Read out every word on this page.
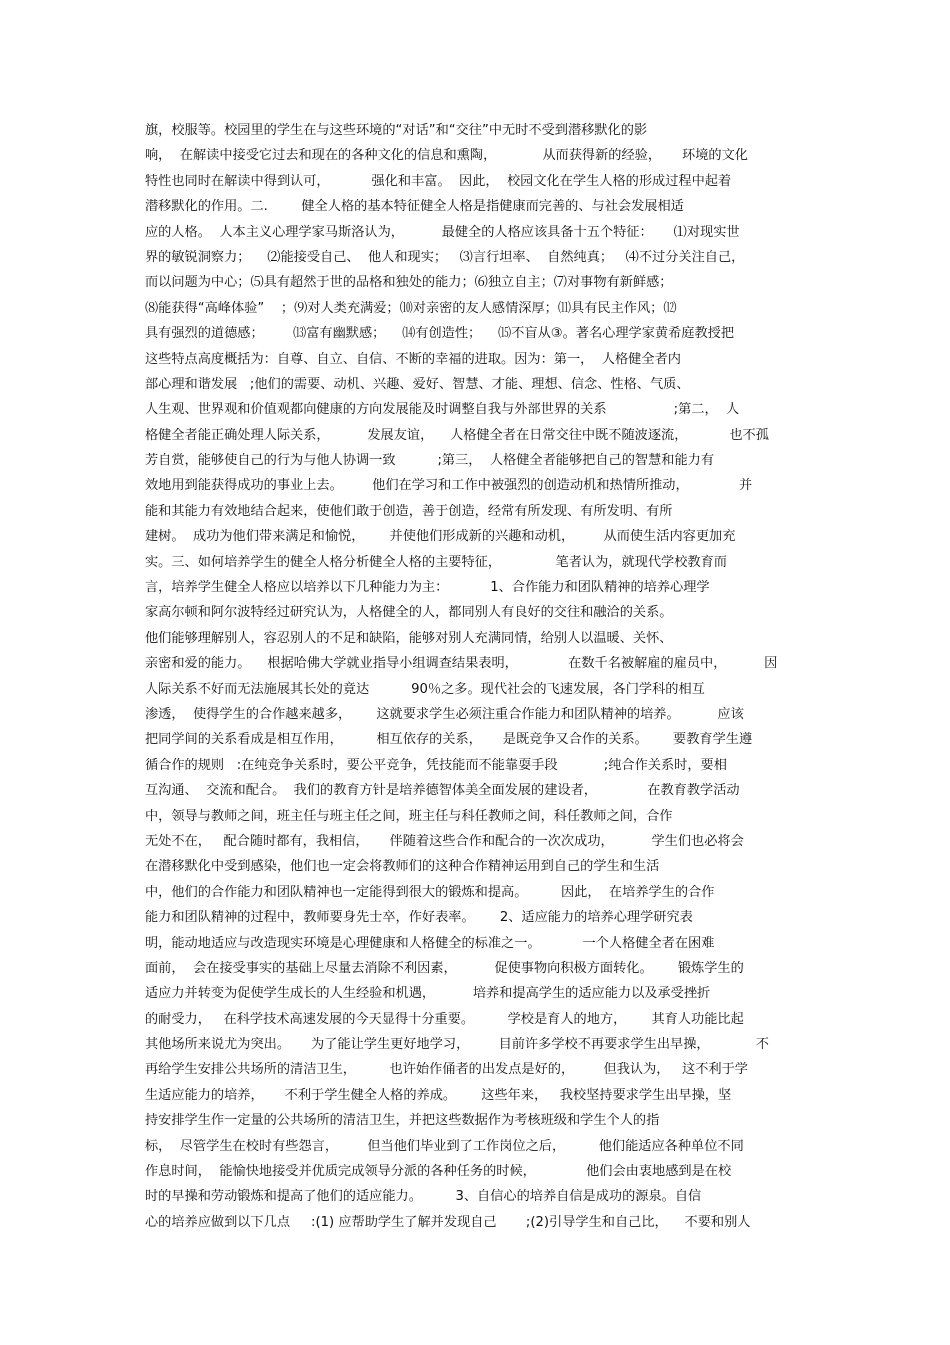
旗，校服等。校园里的学生在与这些环境的“对话”和“交往”中无时不受到潜移默化的影
响，  在解读中接受它过去和现在的各种文化的信息和熏陶，           从而获得新的经验，     环境的文化
特性也同时在解读中得到认可，          强化和丰富。  因此，  校园文化在学生人格的形成过程中起着
潜移默化的作用。二.        健全人格的基本特征健全人格是指健康而完善的、与社会发展相适
应的人格。  人本主义心理学家马斯洛认为，         最健全的人格应该具备十五个特征：     ⑴对现实世
界的敏锐洞察力；    ⑵能接受自己、  他人和现实；   ⑶言行坦率、  自然纯真；   ⑷不过分关注自己，
而以问题为中心；⑸具有超然于世的品格和独处的能力；⑹独立自主；⑺对事物有新鲜感；
⑻能获得“高峰体验”    ；⑼对人类充满爱；⑽对亲密的友人感情深厚；⑾具有民主作风；⑿
具有强烈的道德感；       ⒀富有幽默感；    ⒁有创造性；    ⒂不盲从③。著名心理学家黄希庭教授把
这些特点高度概括为：自尊、自立、自信、不断的幸福的进取。因为：第一，  人格健全者内
部心理和谐发展   ;他们的需要、动机、兴趣、爱好、智慧、才能、理想、信念、性格、气质、
人生观、世界观和价值观都向健康的方向发展能及时调整自我与外部世界的关系                ;第二，  人
格健全者能正确处理人际关系，         发展友谊，    人格健全者在日常交往中既不随波逐流，          也不孤
芳自赏，能够使自己的行为与他人协调一致          ;第三，  人格健全者能够把自己的智慧和能力有
效地用到能获得成功的事业上去。       他们在学习和工作中被强烈的创造动机和热情所推动，            并
能和其能力有效地结合起来，使他们敢于创造，善于创造，经常有所发现、有所发明、有所
建树。  成功为他们带来满足和愉悦，      并使他们形成新的兴趣和动机，       从而使生活内容更加充
实。三、如何培养学生的健全人格分析健全人格的主要特征，             笔者认为，就现代学校教育而
言，培养学生健全人格应以培养以下几种能力为主：          1、合作能力和团队精神的培养心理学
家高尔顿和阿尔波特经过研究认为，人格健全的人，都同别人有良好的交往和融洽的关系。
他们能够理解别人，容忍别人的不足和缺陷，能够对别人充满同情，给别人以温暖、关怀、
亲密和爱的能力。    根据哈佛大学就业指导小组调查结果表明，            在数千名被解雇的雇员中，         因
人际关系不好而无法施展其长处的竟达          90％之多。现代社会的飞速发展，各门学科的相互
渗透，  使得学生的合作越来越多，      这就要求学生必须注重合作能力和团队精神的培养。         应该
把同学间的关系看成是相互作用，        相互依存的关系，     是既竞争又合作的关系。      要教育学生遵
循合作的规则   :在纯竞争关系时，要公平竞争，凭技能而不能靠耍手段           ;纯合作关系时，要相
互沟通、  交流和配合。  我们的教育方针是培养德智体美全面发展的建设者，            在教育教学活动
中，领导与教师之间，班主任与班主任之间，班主任与科任教师之间，科任教师之间，合作
无处不在，   配合随时都有，我相信，     伴随着这些合作和配合的一次次成功，         学生们也必将会
在潜移默化中受到感染，他们也一定会将教师们的这种合作精神运用到自己的学生和生活
中，他们的合作能力和团队精神也一定能得到很大的锻炼和提高。        因此，  在培养学生的合作
能力和团队精神的过程中，教师要身先士卒，作好表率。      2、适应能力的培养心理学研究表
明，能动地适应与改造现实环境是心理健康和人格健全的标准之一。          一个人格健全者在困难
面前，  会在接受事实的基础上尽量去消除不利因素，         促使事物向积极方面转化。      锻炼学生的
适应力并转变为促使学生成长的人生经验和机遇，         培养和提高学生的适应能力以及承受挫折
的耐受力，   在科学技术高速发展的今天显得十分重要。        学校是育人的地方，      其育人功能比起
其他场所来说尤为突出。     为了能让学生更好地学习，       目前许多学校不再要求学生出早操，           不
再给学生安排公共场所的清洁卫生，        也许始作俑者的出发点是好的，       但我认为，   这不利于学
生适应能力的培养，     不利于学生健全人格的养成。      这些年来，   我校坚持要求学生出早操，坚
持安排学生作一定量的公共场所的清洁卫生，并把这些数据作为考核班级和学生个人的指
标，  尽管学生在校时有些怨言，       但当他们毕业到了工作岗位之后，        他们能适应各种单位不同
作息时间，  能愉快地接受并优质完成领导分派的各种任务的时候，            他们会由衷地感到是在校
时的早操和劳动锻炼和提高了他们的适应能力。        3、自信心的培养自信是成功的源泉。自信
心的培养应做到以下几点     :(1) 应帮助学生了解并发现自己       ;(2)引导学生和自己比，    不要和别人
